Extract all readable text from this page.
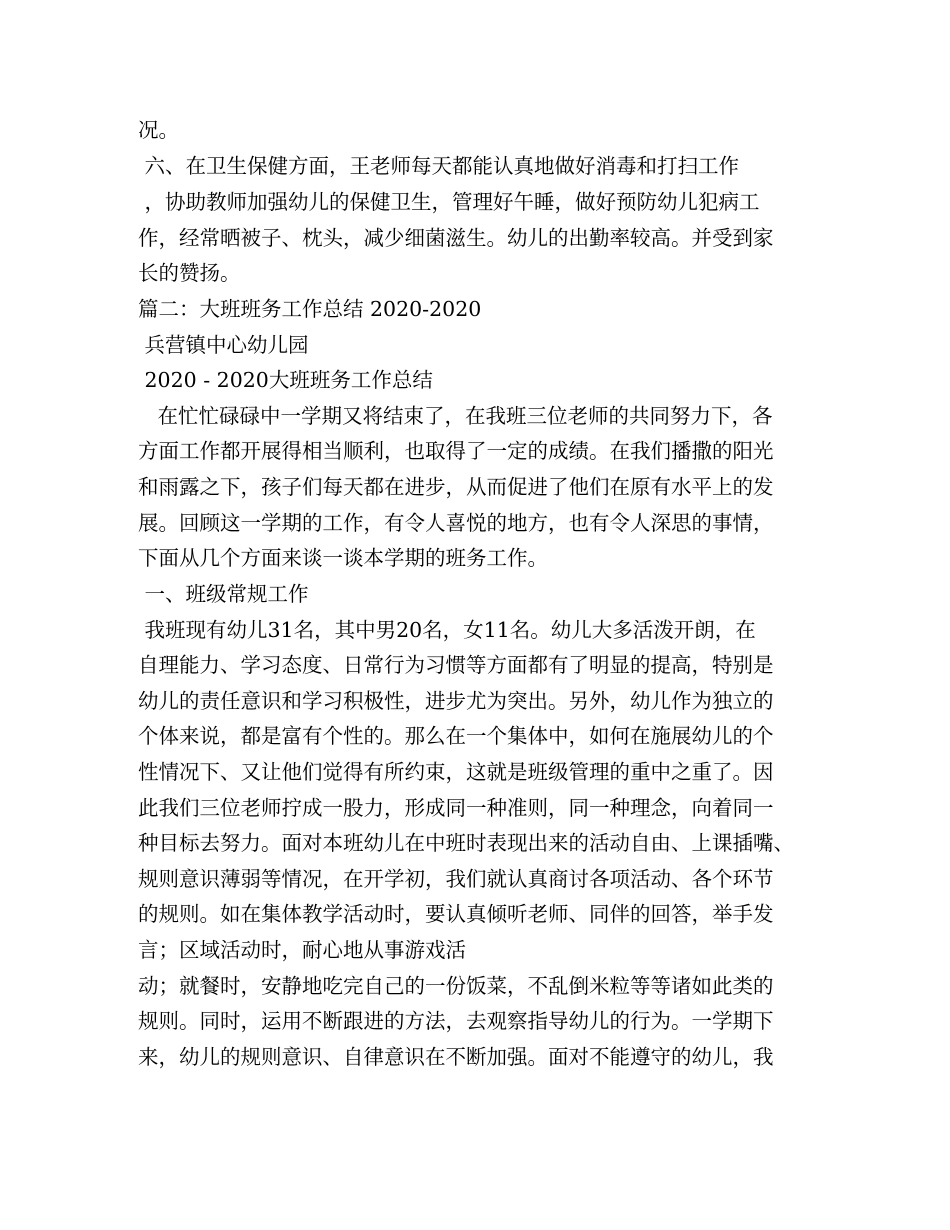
况。
六、在卫生保健方面，王老师每天都能认真地做好消毒和打扫工作
，协助教师加强幼儿的保健卫生，管理好午睡，做好预防幼儿犯病工
作，经常晒被子、枕头，减少细菌滋生。幼儿的出勤率较高。并受到家
长的赞扬。
篇二：大班班务工作总结 2020-2020
兵营镇中心幼儿园
2020 - 2020大班班务工作总结
在忙忙碌碌中一学期又将结束了，在我班三位老师的共同努力下，各
方面工作都开展得相当顺利，也取得了一定的成绩。在我们播撒的阳光
和雨露之下，孩子们每天都在进步，从而促进了他们在原有水平上的发
展。回顾这一学期的工作，有令人喜悦的地方，也有令人深思的事情，
下面从几个方面来谈一谈本学期的班务工作。
一、班级常规工作
我班现有幼儿31名，其中男20名，女11名。幼儿大多活泼开朗，在
自理能力、学习态度、日常行为习惯等方面都有了明显的提高，特别是
幼儿的责任意识和学习积极性，进步尤为突出。另外，幼儿作为独立的
个体来说，都是富有个性的。那么在一个集体中，如何在施展幼儿的个
性情况下、又让他们觉得有所约束，这就是班级管理的重中之重了。因
此我们三位老师拧成一股力，形成同一种准则，同一种理念，向着同一
种目标去努力。面对本班幼儿在中班时表现出来的活动自由、上课插嘴、
规则意识薄弱等情况，在开学初，我们就认真商讨各项活动、各个环节
的规则。如在集体教学活动时，要认真倾听老师、同伴的回答，举手发
言；区域活动时，耐心地从事游戏活
动；就餐时，安静地吃完自己的一份饭菜，不乱倒米粒等等诸如此类的
规则。同时，运用不断跟进的方法，去观察指导幼儿的行为。一学期下
来，幼儿的规则意识、自律意识在不断加强。面对不能遵守的幼儿，我
